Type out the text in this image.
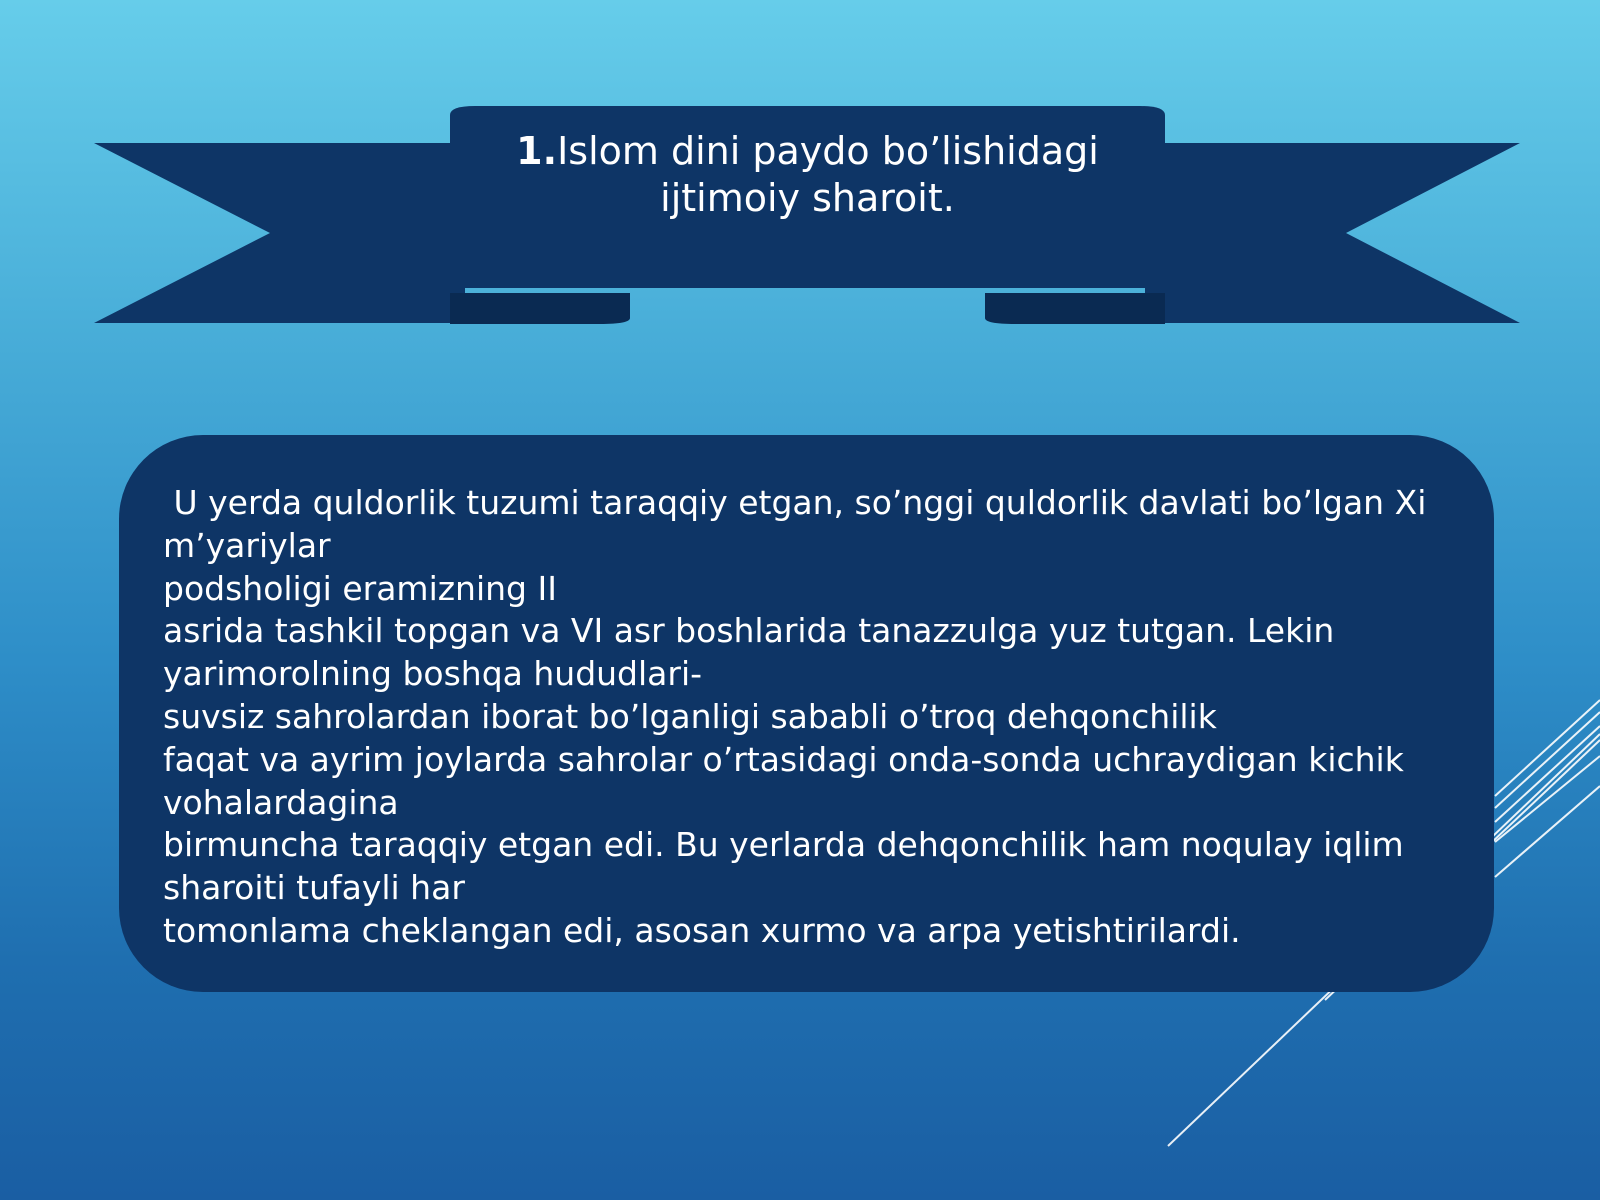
1.Islom dini paydo bo’lishidagi
ijtimoiy sharoit.
U yerda quldorlik tuzumi taraqqiy etgan, so’nggi quldorlik davlati bo’lgan Xi
m’yariylar
podsholigi eramizning II
asrida tashkil topgan va VI asr boshlarida tanazzulga yuz tutgan. Lekin
yarimorolning boshqa hududlari-
suvsiz sahrolardan iborat bo’lganligi sababli o’troq dehqonchilik
faqat va ayrim joylarda sahrolar o’rtasidagi onda-sonda uchraydigan kichik
vohalardagina
birmuncha taraqqiy etgan edi. Bu yerlarda dehqonchilik ham noqulay iqlim
sharoiti tufayli har
tomonlama cheklangan edi, asosan xurmo va arpa yetishtirilardi.
